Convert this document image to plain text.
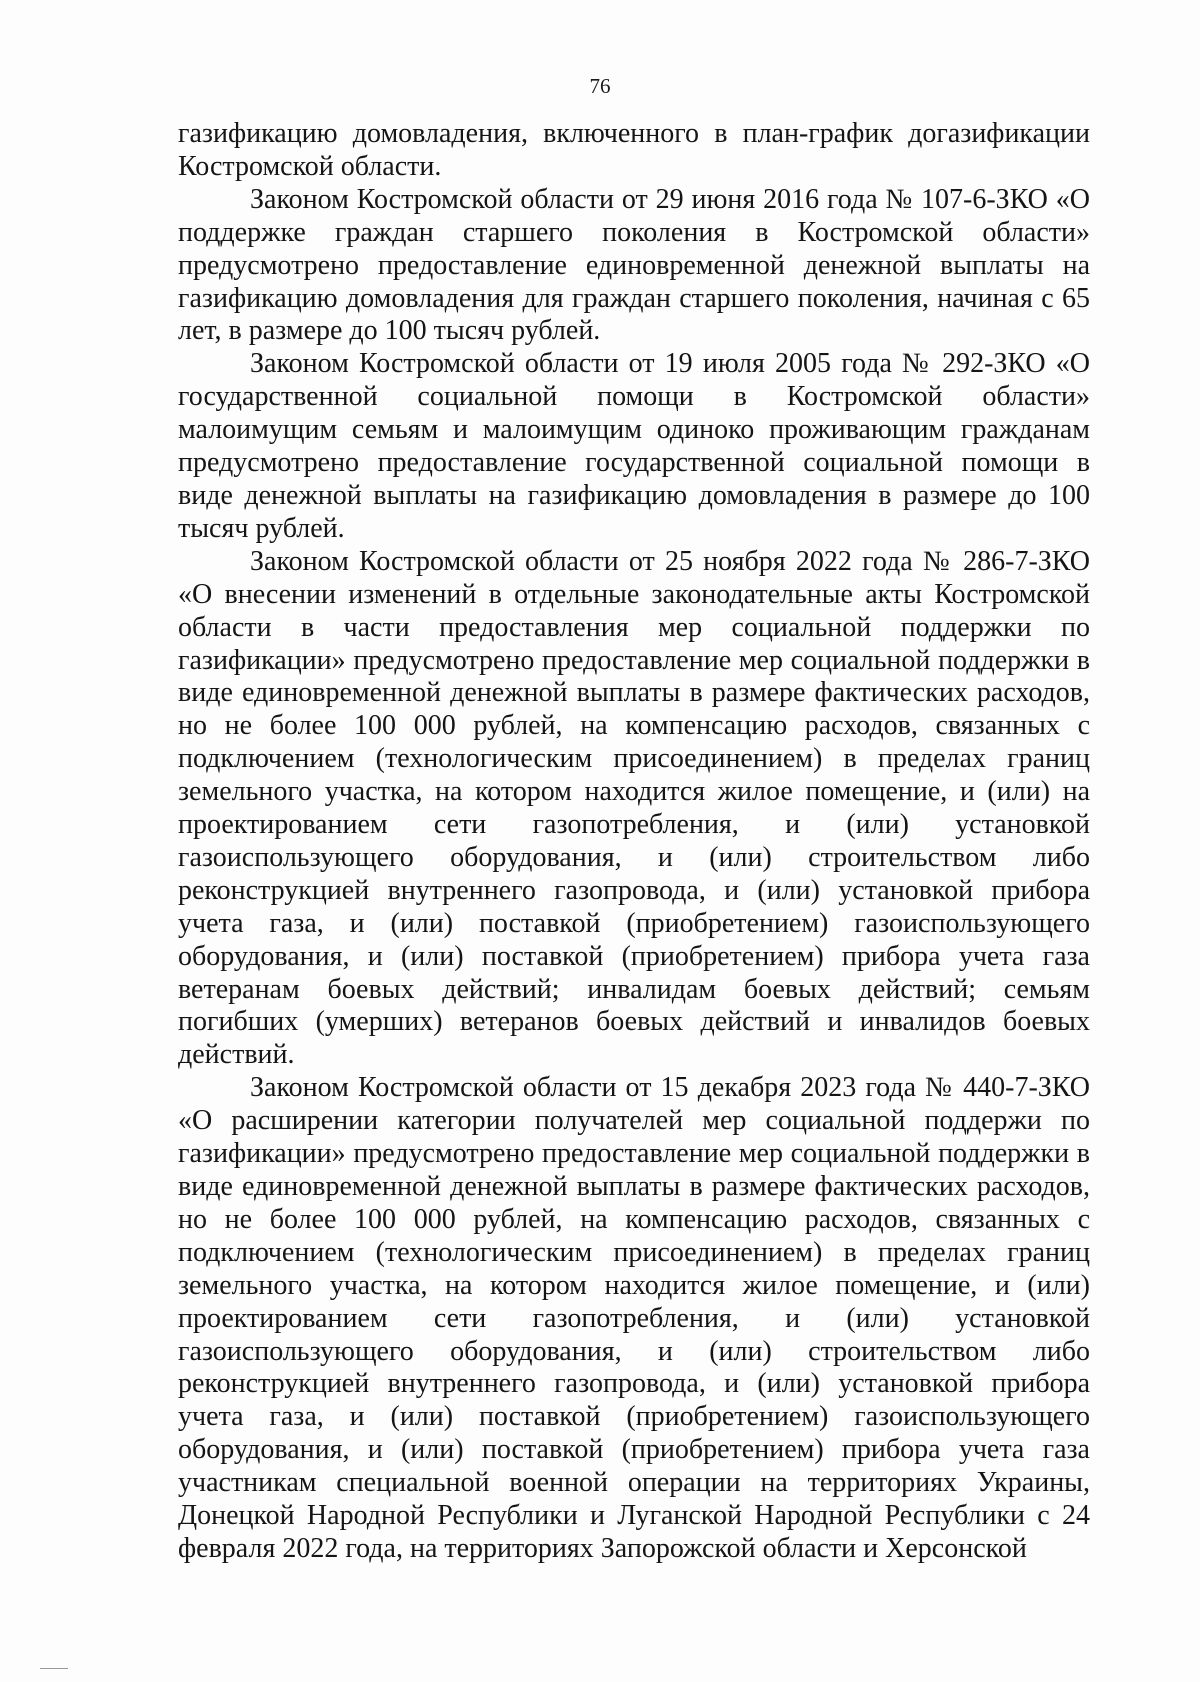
76

газификацию домовладения, включенного в план-график догазификации Костромской области.

Законом Костромской области от 29 июня 2016 года № 107-6-ЗКО «О поддержке граждан старшего поколения в Костромской области» предусмотрено предоставление единовременной денежной выплаты на газификацию домовладения для граждан старшего поколения, начиная с 65 лет, в размере до 100 тысяч рублей.

Законом Костромской области от 19 июля 2005 года № 292-ЗКО «О государственной социальной помощи в Костромской области» малоимущим семьям и малоимущим одиноко проживающим гражданам предусмотрено предоставление государственной социальной помощи в виде денежной выплаты на газификацию домовладения в размере до 100 тысяч рублей.

Законом Костромской области от 25 ноября 2022 года № 286-7-ЗКО «О внесении изменений в отдельные законодательные акты Костромской области в части предоставления мер социальной поддержки по газификации» предусмотрено предоставление мер социальной поддержки в виде единовременной денежной выплаты в размере фактических расходов, но не более 100 000 рублей, на компенсацию расходов, связанных с подключением (технологическим присоединением) в пределах границ земельного участка, на котором находится жилое помещение, и (или) на проектированием сети газопотребления, и (или) установкой газоиспользующего оборудования, и (или) строительством либо реконструкцией внутреннего газопровода, и (или) установкой прибора учета газа, и (или) поставкой (приобретением) газоиспользующего оборудования, и (или) поставкой (приобретением) прибора учета газа ветеранам боевых действий; инвалидам боевых действий; семьям погибших (умерших) ветеранов боевых действий и инвалидов боевых действий.

Законом Костромской области от 15 декабря 2023 года № 440-7-ЗКО «О расширении категории получателей мер социальной поддержи по газификации» предусмотрено предоставление мер социальной поддержки в виде единовременной денежной выплаты в размере фактических расходов, но не более 100 000 рублей, на компенсацию расходов, связанных с подключением (технологическим присоединением) в пределах границ земельного участка, на котором находится жилое помещение, и (или) проектированием сети газопотребления, и (или) установкой газоиспользующего оборудования, и (или) строительством либо реконструкцией внутреннего газопровода, и (или) установкой прибора учета газа, и (или) поставкой (приобретением) газоиспользующего оборудования, и (или) поставкой (приобретением) прибора учета газа участникам специальной военной операции на территориях Украины, Донецкой Народной Республики и Луганской Народной Республики с 24 февраля 2022 года, на территориях Запорожской области и Херсонской
